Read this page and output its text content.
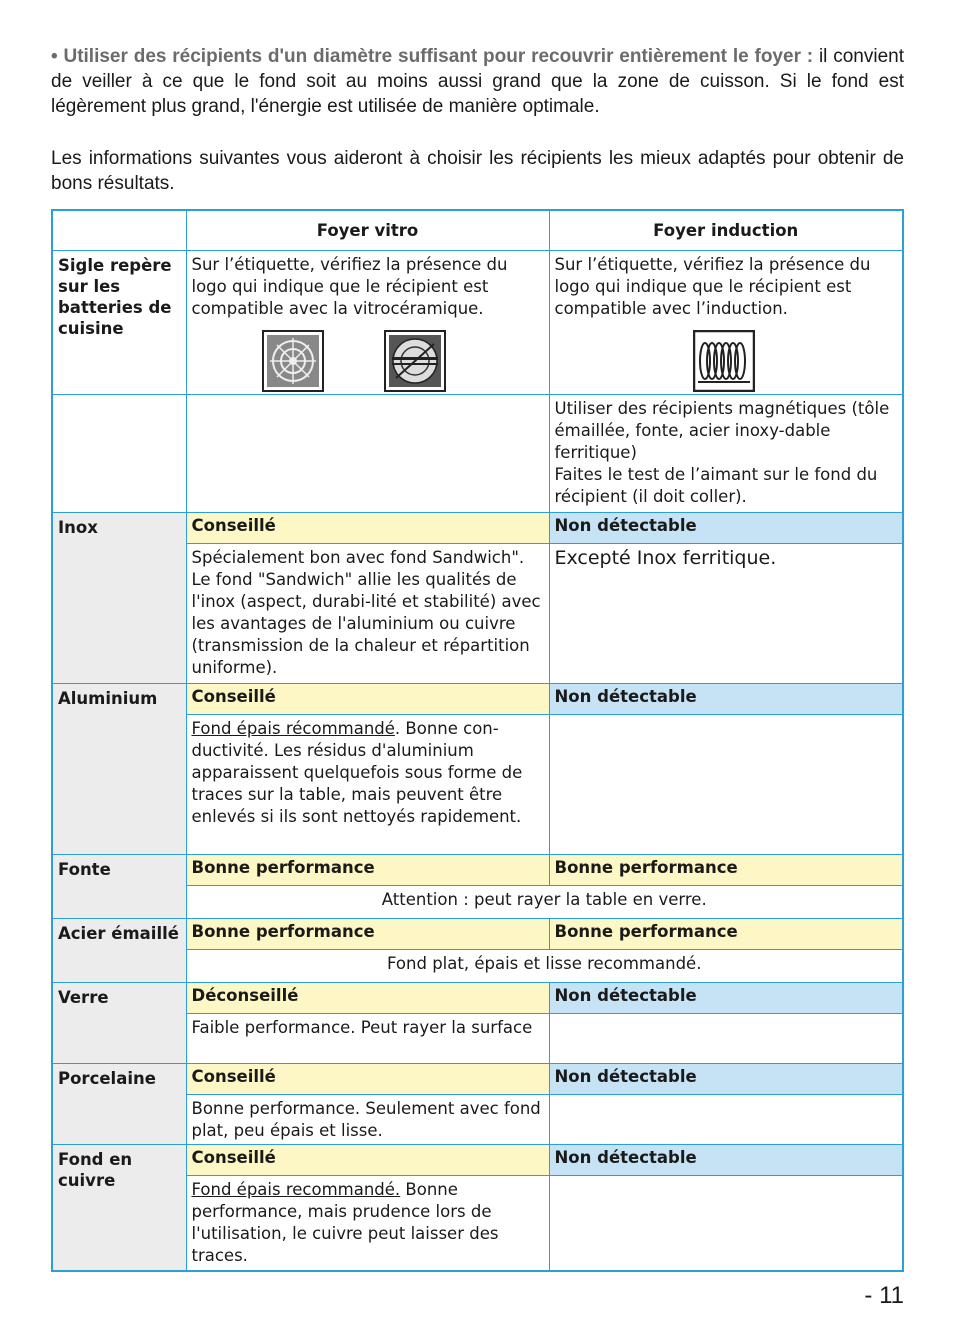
• Utiliser des récipients d'un diamètre suffisant pour recouvrir entièrement le foyer : il convient de veiller à ce que le fond soit au moins aussi grand que la zone de cuisson. Si le fond est légèrement plus grand, l'énergie est utilisée de manière optimale.

Les informations suivantes vous aideront à choisir les récipients les mieux adaptés pour obtenir de bons résultats.

	Foyer vitro	Foyer induction
Sigle repère sur les batteries de cuisine	Sur l’étiquette, vérifiez la présence du logo qui indique que le récipient est compatible avec la vitrocéramique.	Sur l’étiquette, vérifiez la présence du logo qui indique que le récipient est compatible avec l’induction.

		Utiliser des récipients magnétiques (tôle émaillée, fonte, acier inoxy-dable ferritique)
Faites le test de l’aimant sur le fond du récipient (il doit coller).

Inox	Conseillé	Non détectable
	Spécialement bon avec fond Sandwich". Le fond "Sandwich" allie les qualités de l'inox (aspect, durabi-lité et stabilité) avec les avantages de l'aluminium ou cuivre (transmission de la chaleur et répartition uniforme).	Excepté Inox ferritique.
Aluminium	Conseillé	Non détectable
	Fond épais récommandé. Bonne con-ductivité. Les résidus d'aluminium apparaissent quelquefois sous forme de traces sur la table, mais peuvent être enlevés si ils sont nettoyés rapidement.	
Fonte	Bonne performance	Bonne performance
	Attention : peut rayer la table en verre.	
Acier émaillé	Bonne performance	Bonne performance
	Fond plat, épais et lisse recommandé.	
Verre	Déconseillé	Non détectable
	Faible performance. Peut rayer la surface	
Porcelaine	Conseillé	Non détectable
	Bonne performance. Seulement avec fond plat, peu épais et lisse.	
Fond en cuivre	Conseillé	Non détectable
	Fond épais recommandé. Bonne performance, mais prudence lors de l'utilisation, le cuivre peut laisser des traces.	
- 11
